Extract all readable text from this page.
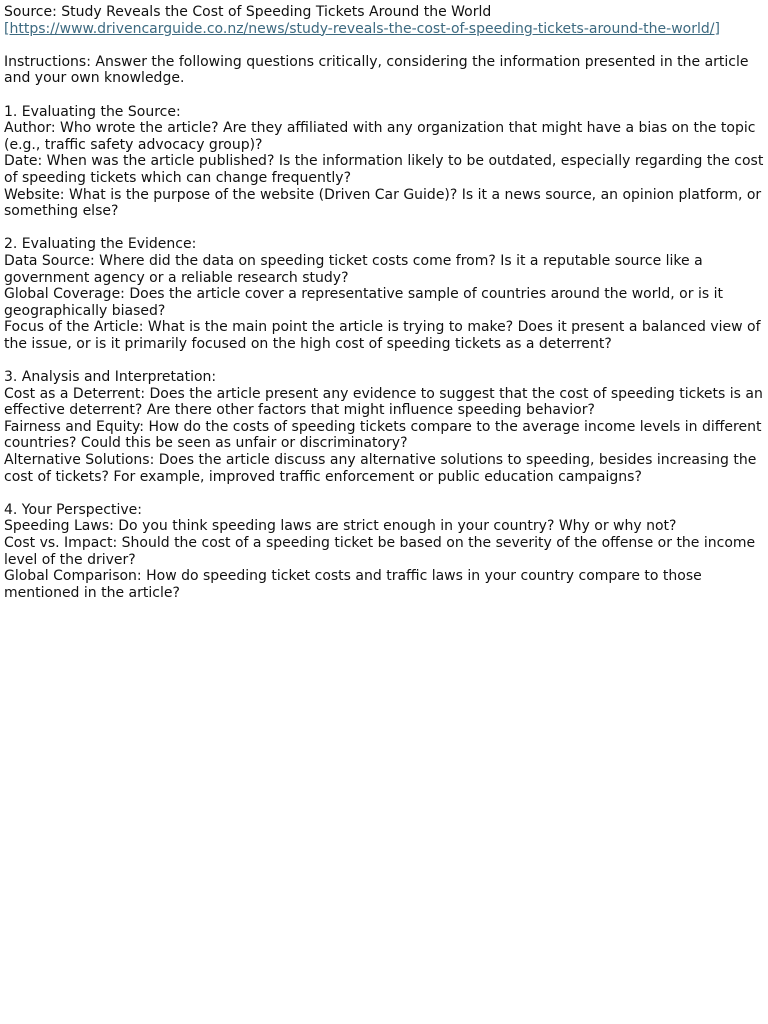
Source: Study Reveals the Cost of Speeding Tickets Around the World

[https://www.drivencarguide.co.nz/news/study-reveals-the-cost-of-speeding-tickets-around-the-world/]

Instructions: Answer the following questions critically, considering the information presented in the article and your own knowledge.

1. Evaluating the Source:

Author: Who wrote the article? Are they affiliated with any organization that might have a bias on the topic (e.g., traffic safety advocacy group)?

Date: When was the article published? Is the information likely to be outdated, especially regarding the cost of speeding tickets which can change frequently?

Website: What is the purpose of the website (Driven Car Guide)? Is it a news source, an opinion platform, or something else?

2. Evaluating the Evidence:

Data Source: Where did the data on speeding ticket costs come from? Is it a reputable source like a government agency or a reliable research study?

Global Coverage: Does the article cover a representative sample of countries around the world, or is it geographically biased?

Focus of the Article: What is the main point the article is trying to make? Does it present a balanced view of the issue, or is it primarily focused on the high cost of speeding tickets as a deterrent?

3. Analysis and Interpretation:

Cost as a Deterrent: Does the article present any evidence to suggest that the cost of speeding tickets is an effective deterrent? Are there other factors that might influence speeding behavior?

Fairness and Equity: How do the costs of speeding tickets compare to the average income levels in different countries? Could this be seen as unfair or discriminatory?

Alternative Solutions: Does the article discuss any alternative solutions to speeding, besides increasing the cost of tickets? For example, improved traffic enforcement or public education campaigns?

4. Your Perspective:

Speeding Laws: Do you think speeding laws are strict enough in your country? Why or why not?

Cost vs. Impact: Should the cost of a speeding ticket be based on the severity of the offense or the income level of the driver?

Global Comparison: How do speeding ticket costs and traffic laws in your country compare to those mentioned in the article?
